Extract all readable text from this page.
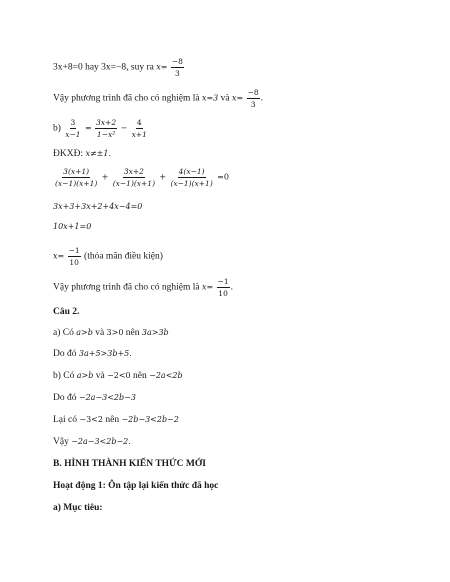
3x+8=0 hay 3x=−8, suy ra $x= \frac{-8}{3}$
Vậy phương trình đã cho có nghiệm là x=3 và $x= \frac{-8}{3}$ .
$b) \frac{3}{x-1} = \frac{3x+2}{\text{1−x²}} - \frac{4}{x+1}$
ĐKXĐ: x≠±1.
$\frac{3(x+1)}{(x-1)(x+1)} + \frac{3x+2}{(x-1)(x+1)} + \frac{4(x-1)}{(x-1)(x+1)} =0$
3x+3+3x+2+4x−4=0
10x+1=0
$x= \frac{-1}{10}$ (thỏa mãn điều kiện)
Vậy phương trình đã cho có nghiệm là $x= \frac{-1}{10}$ .
Câu 2.
a) Có a>b và 3>0 nên 3a>3b
Do đó 3a+5>3b+5.
b) Có a>b và −2<0 nên −2a<2b
Do đó −2a−3<2b−3
Lại có −3<2 nên −2b−3<2b−2
Vậy −2a−3<2b−2.
B. HÌNH THÀNH KIẾN THỨC MỚI
Hoạt động 1: Ôn tập lại kiến thức đã học
a) Mục tiêu:
